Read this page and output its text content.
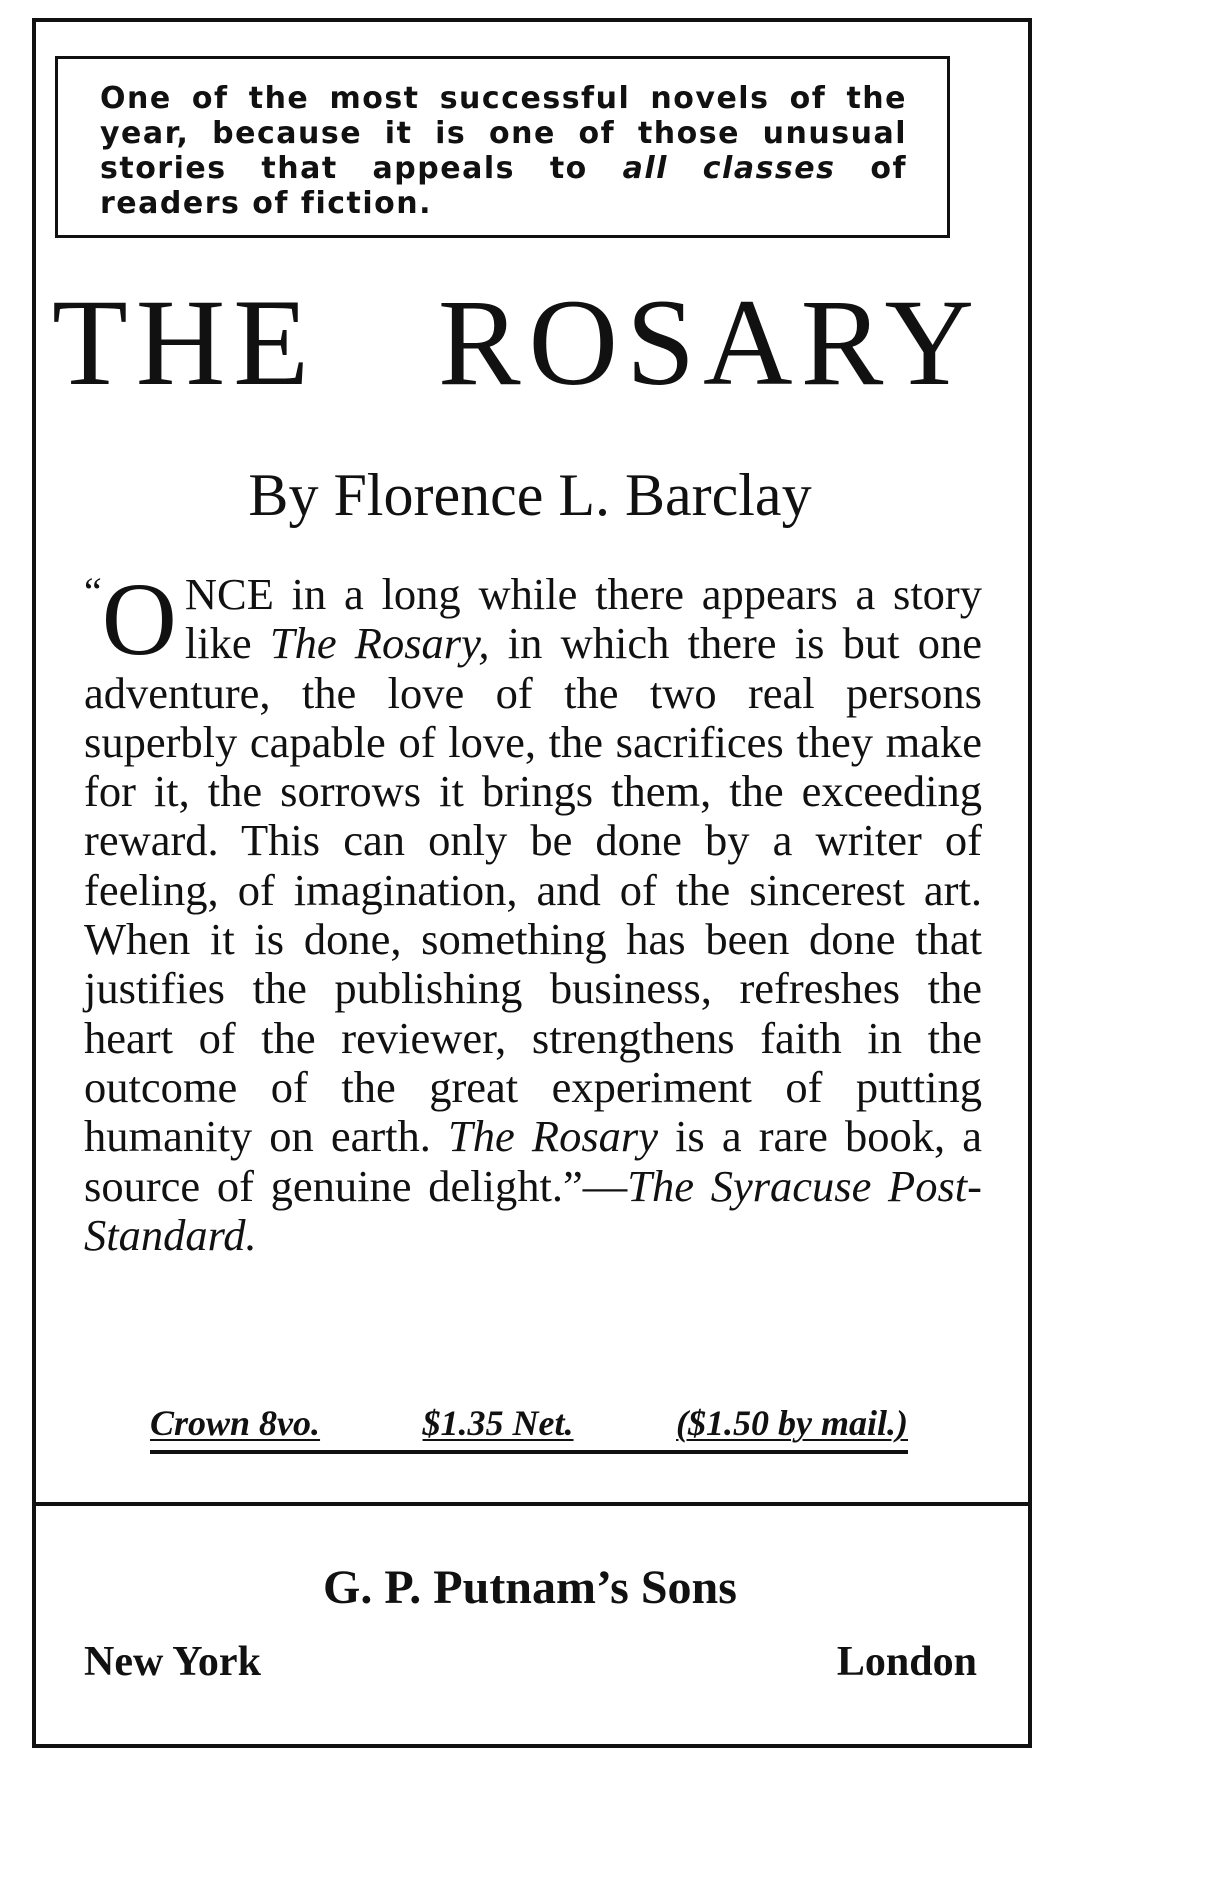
One of the most successful novels of the year, because it is one of those unusual stories that appeals to all classes of readers of fiction.
THE ROSARY
By Florence L. Barclay

“ O NCE in a long while there appears a story like The Rosary, in which there is but one adventure, the love of the two real persons superbly capable of love, the sacrifices they make for it, the sorrows it brings them, the exceeding reward. This can only be done by a writer of feeling, of imagination, and of the sincerest art. When it is done, something has been done that justifies the publishing business, refreshes the heart of the reviewer, strengthens faith in the outcome of the great experiment of putting humanity on earth. The Rosary is a rare book, a source of genuine delight.”—The Syracuse Post-Standard.

Crown 8vo.	$1.35 Net.	($1.50 by mail.)
G. P. Putnam’s Sons
New York	London
